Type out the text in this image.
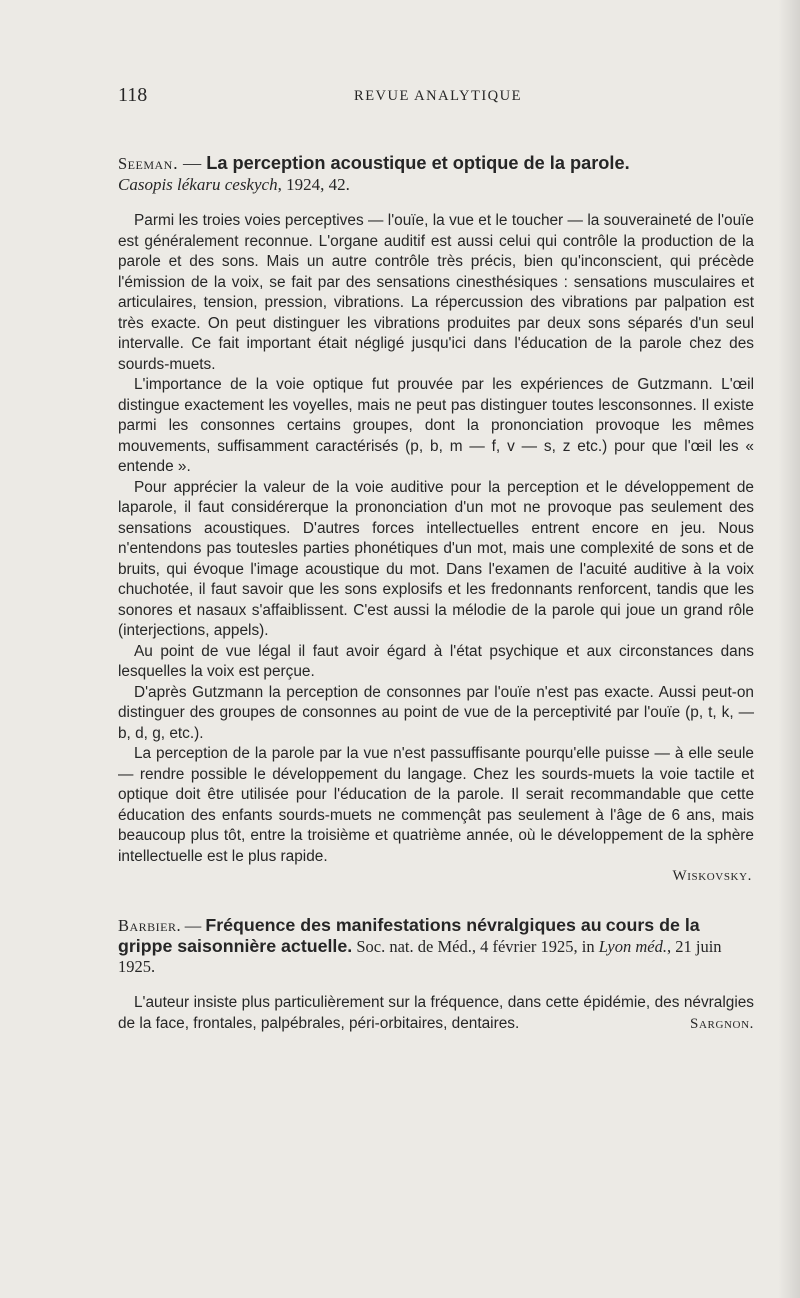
118	REVUE ANALYTIQUE
Seeman. — La perception acoustique et optique de la parole.
Casopis lékaru ceskych, 1924, 42.

Parmi les troies voies perceptives — l'ouïe, la vue et le toucher — la souveraineté de l'ouïe est généralement reconnue. L'organe auditif est aussi celui qui contrôle la production de la parole et des sons. Mais un autre contrôle très précis, bien qu'inconscient, qui précède l'émission de la voix, se fait par des sensations cinesthésiques : sensations musculaires et articulaires, tension, pression, vibrations. La répercussion des vibrations par palpation est très exacte. On peut distinguer les vibrations produites par deux sons séparés d'un seul intervalle. Ce fait important était négligé jusqu'ici dans l'éducation de la parole chez des sourds-muets.

L'importance de la voie optique fut prouvée par les expériences de Gutzmann. L'œil distingue exactement les voyelles, mais ne peut pas distinguer toutes lesconsonnes. Il existe parmi les consonnes certains groupes, dont la prononciation provoque les mêmes mouvements, suffisamment caractérisés (p, b, m — f, v — s, z etc.) pour que l'œil les « entende ».

Pour apprécier la valeur de la voie auditive pour la perception et le développement de laparole, il faut considérerque la prononciation d'un mot ne provoque pas seulement des sensations acoustiques. D'autres forces intellectuelles entrent encore en jeu. Nous n'entendons pas toutesles parties phonétiques d'un mot, mais une complexité de sons et de bruits, qui évoque l'image acoustique du mot. Dans l'examen de l'acuité auditive à la voix chuchotée, il faut savoir que les sons explosifs et les fredonnants renforcent, tandis que les sonores et nasaux s'affaiblissent. C'est aussi la mélodie de la parole qui joue un grand rôle (interjections, appels).

Au point de vue légal il faut avoir égard à l'état psychique et aux circonstances dans lesquelles la voix est perçue.

D'après Gutzmann la perception de consonnes par l'ouïe n'est pas exacte. Aussi peut-on distinguer des groupes de consonnes au point de vue de la perceptivité par l'ouïe (p, t, k, — b, d, g, etc.).

La perception de la parole par la vue n'est passuffisante pourqu'elle puisse — à elle seule — rendre possible le développement du langage. Chez les sourds-muets la voie tactile et optique doit être utilisée pour l'éducation de la parole. Il serait recommandable que cette éducation des enfants sourds-muets ne commençât pas seulement à l'âge de 6 ans, mais beaucoup plus tôt, entre la troisième et quatrième année, où le développement de la sphère intellectuelle est le plus rapide.

Wiskovsky.
Barbier. — Fréquence des manifestations névralgiques au cours de la grippe saisonnière actuelle. Soc. nat. de Méd., 4 février 1925, in Lyon méd., 21 juin 1925.

L'auteur insiste plus particulièrement sur la fréquence, dans cette épidémie, des névralgies de la face, frontales, palpébrales, péri-orbitaires, dentaires.	Sargnon.
